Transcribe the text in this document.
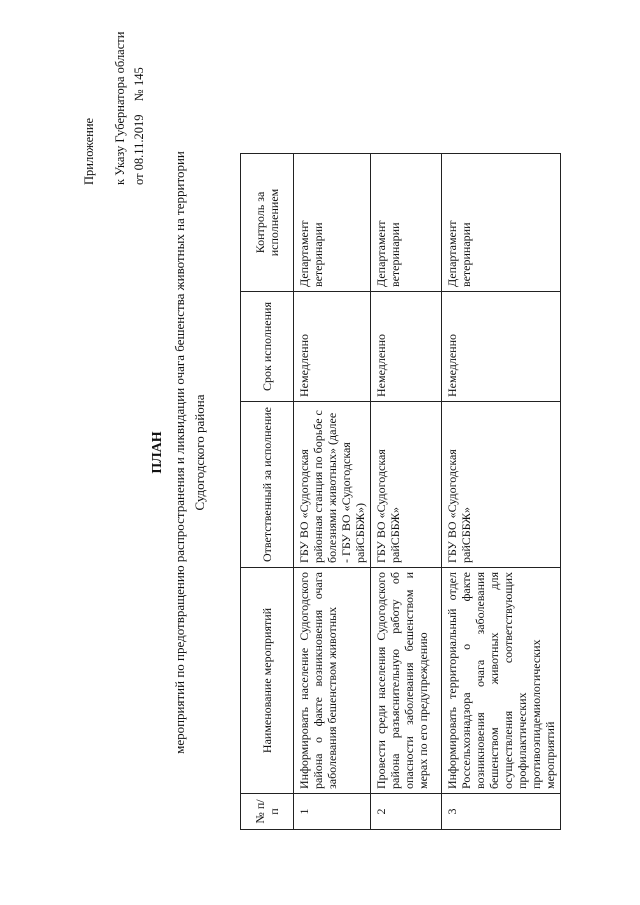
Приложение к Указу Губернатора области от 08.11.2019 № 145
ПЛАН мероприятий по предотвращению распространения и ликвидации очага бешенства животных на территории Судогодского района
№ п/п	Наименование мероприятий	Ответственный за исполнение	Срок исполнения	Контроль за исполнением
1	Информировать население Судогодского района о факте возникновения очага заболевания бешенством животных	ГБУ ВО «Судогодская районная станция по борьбе с болезнями животных» (далее - ГБУ ВО «Судогодская райСББЖ»)	Немедленно	Департамент ветеринарии
2	Провести среди населения Судогодского района разъяснительную работу об опасности заболевания бешенством и мерах по его предупреждению	ГБУ ВО «Судогодская райСББЖ»	Немедленно	Департамент ветеринарии
3	Информировать территориальный отдел Россельхознадзора о факте возникновения очага заболевания бешенством животных для осуществления соответствующих профилактических противоэпидемиологических мероприятий	ГБУ ВО «Судогодская райСББЖ»	Немедленно	Департамент ветеринарии
